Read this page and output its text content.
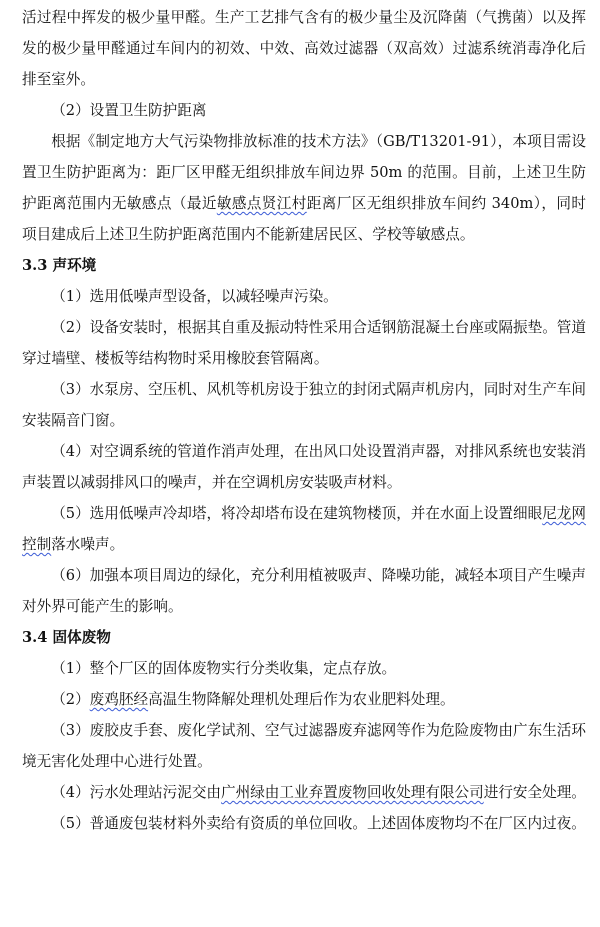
活过程中挥发的极少量甲醛。生产工艺排气含有的极少量尘及沉降菌（气携菌）以及挥发的极少量甲醛通过车间内的初效、中效、高效过滤器（双高效）过滤系统消毒净化后排至室外。

（2）设置卫生防护距离

根据《制定地方大气污染物排放标准的技术方法》（GB/T13201-91），本项目需设置卫生防护距离为：距厂区甲醛无组织排放车间边界 50m 的范围。目前，上述卫生防护距离范围内无敏感点（最近敏感点贤江村距离厂区无组织排放车间约 340m），同时项目建成后上述卫生防护距离范围内不能新建居民区、学校等敏感点。

3.3 声环境

（1）选用低噪声型设备，以减轻噪声污染。

（2）设备安装时，根据其自重及振动特性采用合适钢筋混凝土台座或隔振垫。管道穿过墙壁、楼板等结构物时采用橡胶套管隔离。

（3）水泵房、空压机、风机等机房设于独立的封闭式隔声机房内，同时对生产车间安装隔音门窗。

（4）对空调系统的管道作消声处理，在出风口处设置消声器，对排风系统也安装消声装置以减弱排风口的噪声，并在空调机房安装吸声材料。

（5）选用低噪声冷却塔，将冷却塔布设在建筑物楼顶，并在水面上设置细眼尼龙网控制落水噪声。

（6）加强本项目周边的绿化，充分利用植被吸声、降噪功能，减轻本项目产生噪声对外界可能产生的影响。

3.4 固体废物

（1）整个厂区的固体废物实行分类收集，定点存放。

（2）废鸡胚经高温生物降解处理机处理后作为农业肥料处理。

（3）废胶皮手套、废化学试剂、空气过滤器废弃滤网等作为危险废物由广东生活环境无害化处理中心进行处置。

（4）污水处理站污泥交由广州绿由工业弃置废物回收处理有限公司进行安全处理。

（5）普通废包装材料外卖给有资质的单位回收。上述固体废物均不在厂区内过夜。
